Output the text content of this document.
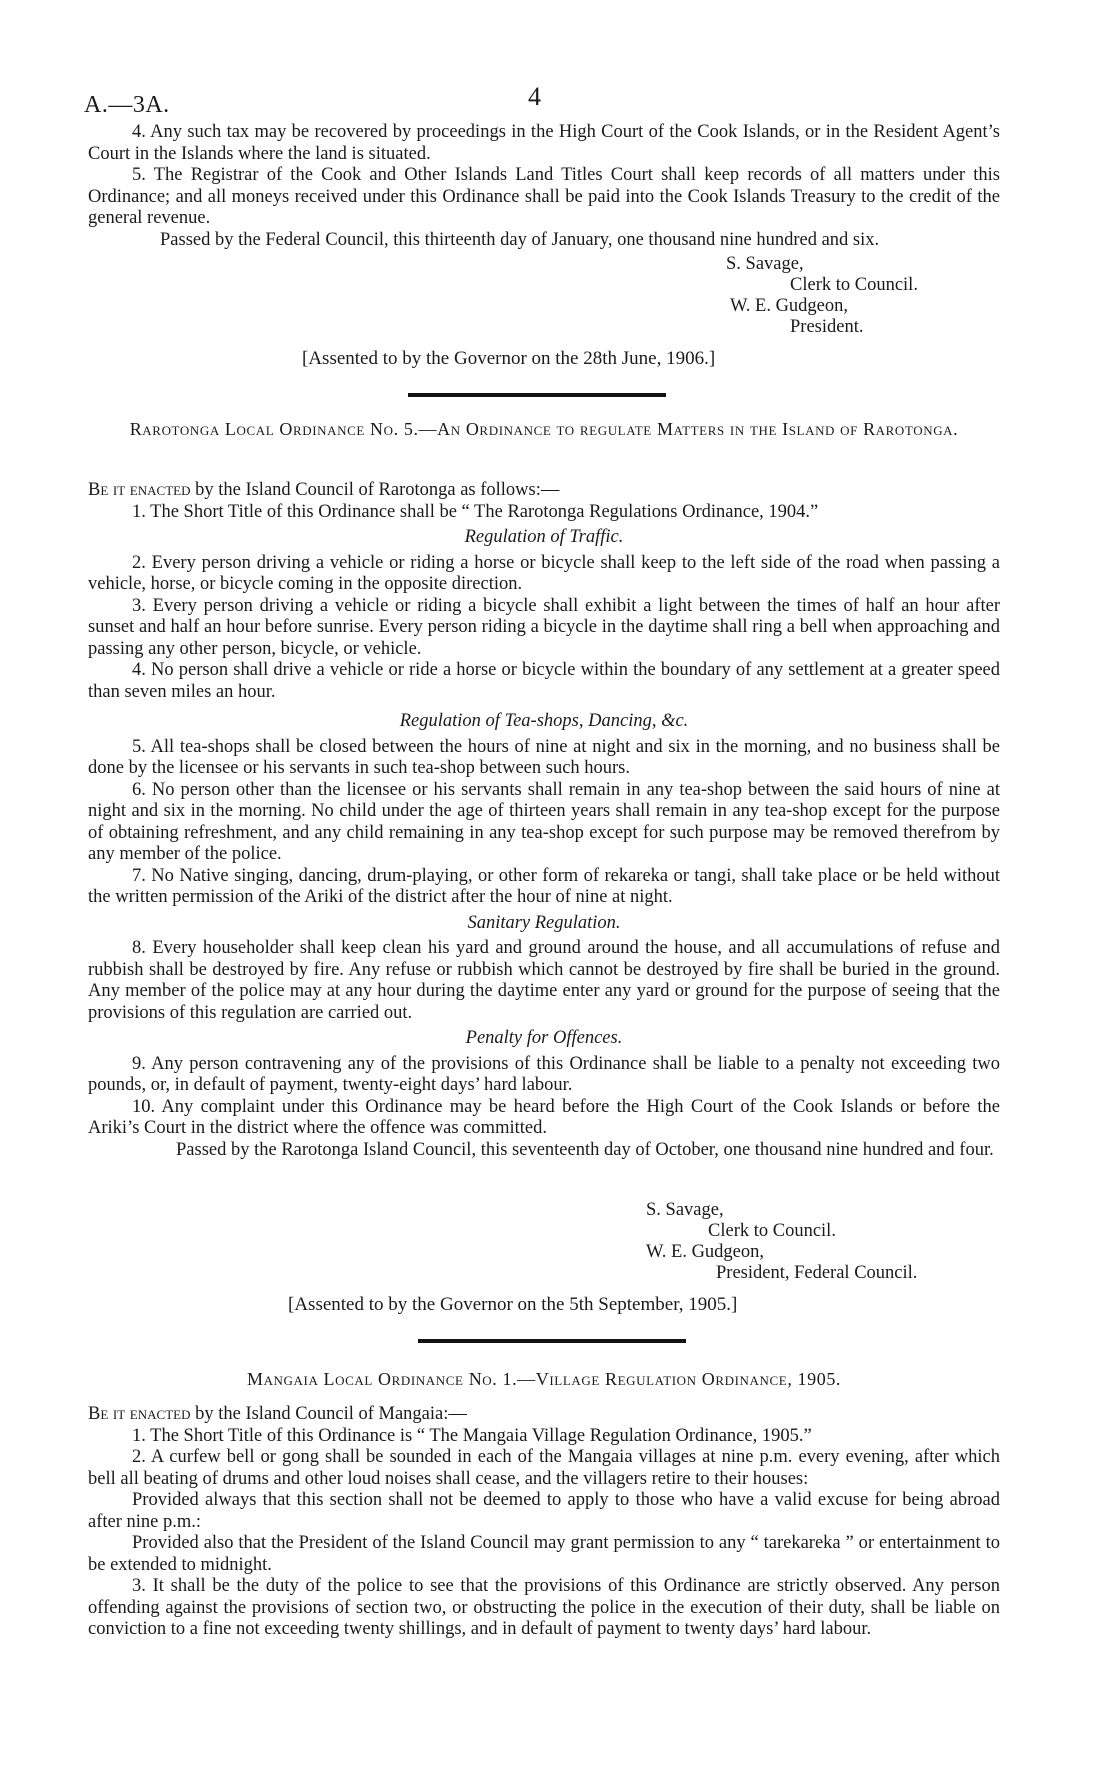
A.—3A.	4

4. Any such tax may be recovered by proceedings in the High Court of the Cook Islands, or in the Resident Agent’s Court in the Islands where the land is situated.

5. The Registrar of the Cook and Other Islands Land Titles Court shall keep records of all matters under this Ordinance; and all moneys received under this Ordinance shall be paid into the Cook Islands Treasury to the credit of the general revenue.

Passed by the Federal Council, this thirteenth day of January, one thousand nine hundred and six.

S. Savage,
Clerk to Council.
W. E. Gudgeon,
President.
[Assented to by the Governor on the 28th June, 1906.]
Rarotonga Local Ordinance No. 5.—An Ordinance to regulate Matters in the Island of Rarotonga.

Be it enacted by the Island Council of Rarotonga as follows:—

1. The Short Title of this Ordinance shall be “ The Rarotonga Regulations Ordinance, 1904.”

Regulation of Traffic.

2. Every person driving a vehicle or riding a horse or bicycle shall keep to the left side of the road when passing a vehicle, horse, or bicycle coming in the opposite direction.

3. Every person driving a vehicle or riding a bicycle shall exhibit a light between the times of half an hour after sunset and half an hour before sunrise. Every person riding a bicycle in the daytime shall ring a bell when approaching and passing any other person, bicycle, or vehicle.

4. No person shall drive a vehicle or ride a horse or bicycle within the boundary of any settlement at a greater speed than seven miles an hour.

Regulation of Tea-shops, Dancing, &c.

5. All tea-shops shall be closed between the hours of nine at night and six in the morning, and no business shall be done by the licensee or his servants in such tea-shop between such hours.

6. No person other than the licensee or his servants shall remain in any tea-shop between the said hours of nine at night and six in the morning. No child under the age of thirteen years shall remain in any tea-shop except for the purpose of obtaining refreshment, and any child remaining in any tea-shop except for such purpose may be removed therefrom by any member of the police.

7. No Native singing, dancing, drum-playing, or other form of rekareka or tangi, shall take place or be held without the written permission of the Ariki of the district after the hour of nine at night.

Sanitary Regulation.

8. Every householder shall keep clean his yard and ground around the house, and all accumulations of refuse and rubbish shall be destroyed by fire. Any refuse or rubbish which cannot be destroyed by fire shall be buried in the ground. Any member of the police may at any hour during the daytime enter any yard or ground for the purpose of seeing that the provisions of this regulation are carried out.

Penalty for Offences.

9. Any person contravening any of the provisions of this Ordinance shall be liable to a penalty not exceeding two pounds, or, in default of payment, twenty-eight days’ hard labour.

10. Any complaint under this Ordinance may be heard before the High Court of the Cook Islands or before the Ariki’s Court in the district where the offence was committed.

Passed by the Rarotonga Island Council, this seventeenth day of October, one thousand nine hundred and four.

S. Savage,
Clerk to Council.
W. E. Gudgeon,
President, Federal Council.
[Assented to by the Governor on the 5th September, 1905.]
Mangaia Local Ordinance No. 1.—Village Regulation Ordinance, 1905.

Be it enacted by the Island Council of Mangaia:—

1. The Short Title of this Ordinance is “ The Mangaia Village Regulation Ordinance, 1905.”

2. A curfew bell or gong shall be sounded in each of the Mangaia villages at nine p.m. every evening, after which bell all beating of drums and other loud noises shall cease, and the villagers retire to their houses:

Provided always that this section shall not be deemed to apply to those who have a valid excuse for being abroad after nine p.m.:

Provided also that the President of the Island Council may grant permission to any “ tarekareka ” or entertainment to be extended to midnight.

3. It shall be the duty of the police to see that the provisions of this Ordinance are strictly observed. Any person offending against the provisions of section two, or obstructing the police in the execution of their duty, shall be liable on conviction to a fine not exceeding twenty shillings, and in default of payment to twenty days’ hard labour.
